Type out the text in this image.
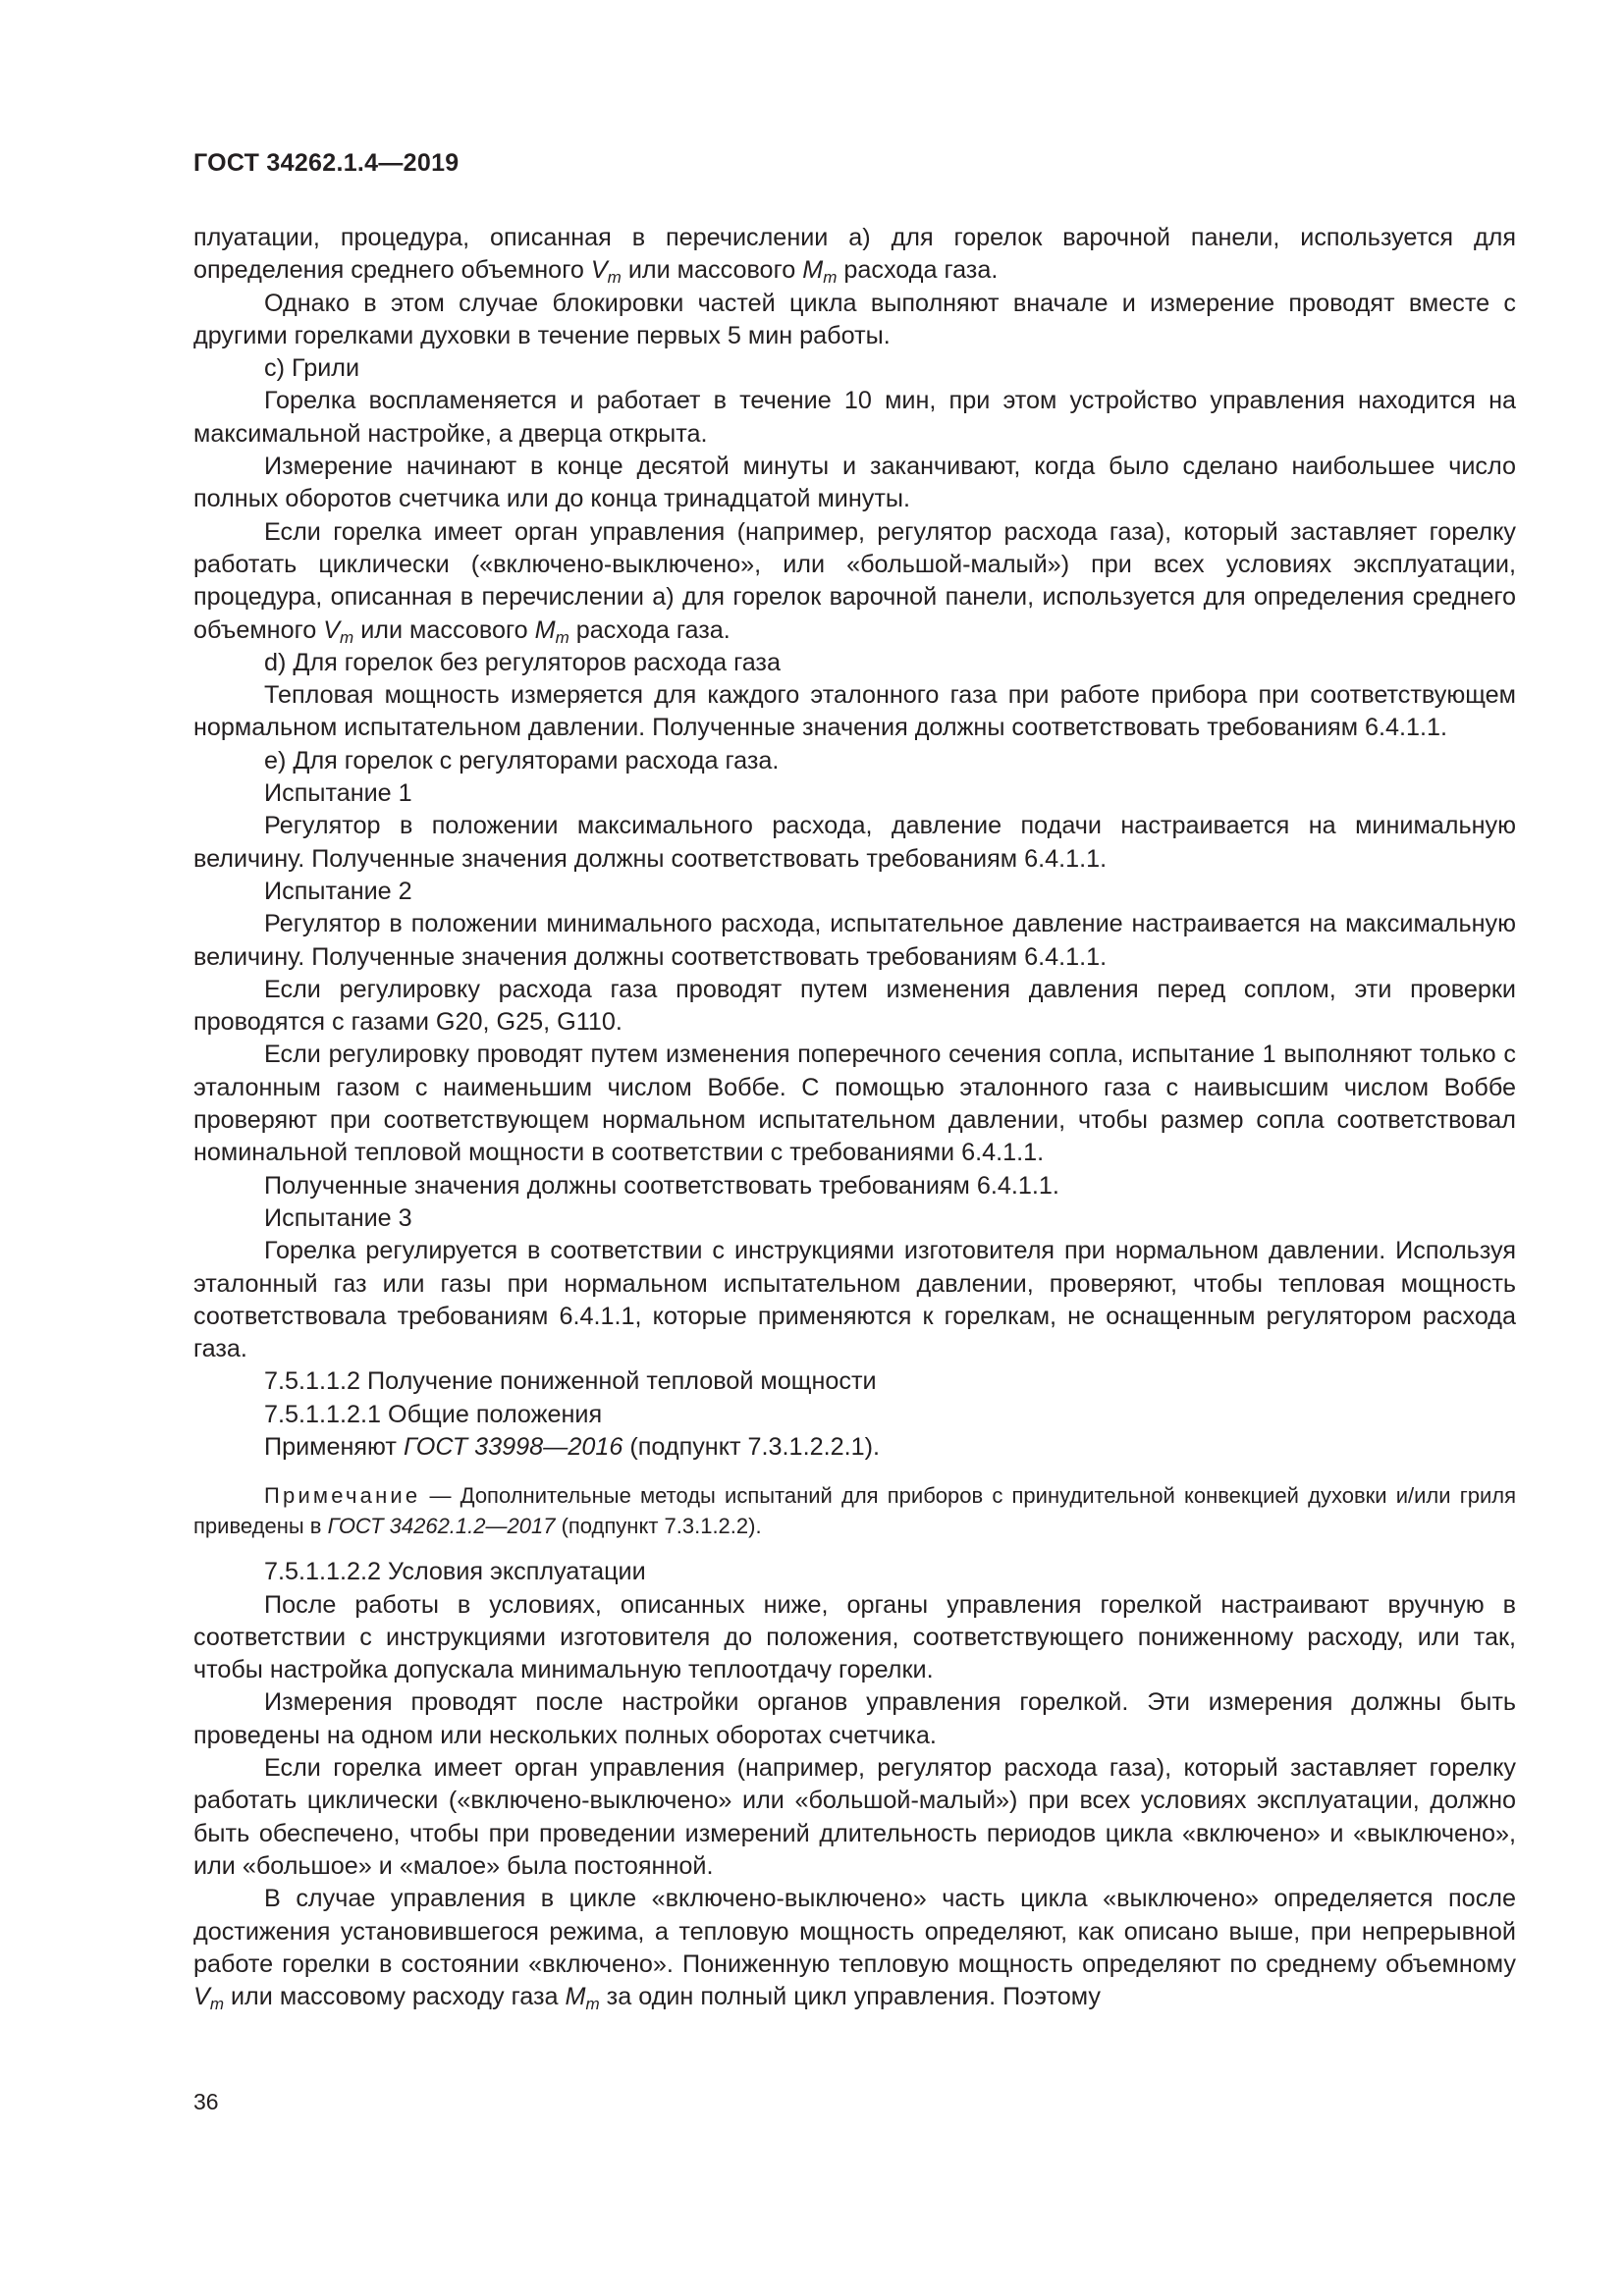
ГОСТ 34262.1.4—2019

плуатации, процедура, описанная в перечислении а) для горелок варочной панели, используется для определения среднего объемного $V_m$ или массового $M_m$ расхода газа.

Однако в этом случае блокировки частей цикла выполняют вначале и измерение проводят вместе с другими горелками духовки в течение первых 5 мин работы.

с) Грили

Горелка воспламеняется и работает в течение 10 мин, при этом устройство управления находится на максимальной настройке, а дверца открыта.

Измерение начинают в конце десятой минуты и заканчивают, когда было сделано наибольшее число полных оборотов счетчика или до конца тринадцатой минуты.

Если горелка имеет орган управления (например, регулятор расхода газа), который заставляет горелку работать циклически («включено-выключено», или «большой-малый») при всех условиях эксплуатации, процедура, описанная в перечислении а) для горелок варочной панели, используется для определения среднего объемного $V_m$ или массового $M_m$ расхода газа.

d) Для горелок без регуляторов расхода газа

Тепловая мощность измеряется для каждого эталонного газа при работе прибора при соответствующем нормальном испытательном давлении. Полученные значения должны соответствовать требованиям 6.4.1.1.

е) Для горелок с регуляторами расхода газа.

Испытание 1

Регулятор в положении максимального расхода, давление подачи настраивается на минимальную величину. Полученные значения должны соответствовать требованиям 6.4.1.1.

Испытание 2

Регулятор в положении минимального расхода, испытательное давление настраивается на максимальную величину. Полученные значения должны соответствовать требованиям 6.4.1.1.

Если регулировку расхода газа проводят путем изменения давления перед соплом, эти проверки проводятся с газами G20, G25, G110.

Если регулировку проводят путем изменения поперечного сечения сопла, испытание 1 выполняют только с эталонным газом с наименьшим числом Воббе. С помощью эталонного газа с наивысшим числом Воббе проверяют при соответствующем нормальном испытательном давлении, чтобы размер сопла соответствовал номинальной тепловой мощности в соответствии с требованиями 6.4.1.1.

Полученные значения должны соответствовать требованиям 6.4.1.1.

Испытание 3

Горелка регулируется в соответствии с инструкциями изготовителя при нормальном давлении. Используя эталонный газ или газы при нормальном испытательном давлении, проверяют, чтобы тепловая мощность соответствовала требованиям 6.4.1.1, которые применяются к горелкам, не оснащенным регулятором расхода газа.

7.5.1.1.2 Получение пониженной тепловой мощности

7.5.1.1.2.1 Общие положения

Применяют ГОСТ 33998—2016 (подпункт 7.3.1.2.2.1).

Примечание — Дополнительные методы испытаний для приборов с принудительной конвекцией духовки и/или гриля приведены в ГОСТ 34262.1.2—2017 (подпункт 7.3.1.2.2).

7.5.1.1.2.2 Условия эксплуатации

После работы в условиях, описанных ниже, органы управления горелкой настраивают вручную в соответствии с инструкциями изготовителя до положения, соответствующего пониженному расходу, или так, чтобы настройка допускала минимальную теплоотдачу горелки.

Измерения проводят после настройки органов управления горелкой. Эти измерения должны быть проведены на одном или нескольких полных оборотах счетчика.

Если горелка имеет орган управления (например, регулятор расхода газа), который заставляет горелку работать циклически («включено-выключено» или «большой-малый») при всех условиях эксплуатации, должно быть обеспечено, чтобы при проведении измерений длительность периодов цикла «включено» и «выключено», или «большое» и «малое» была постоянной.

В случае управления в цикле «включено-выключено» часть цикла «выключено» определяется после достижения установившегося режима, а тепловую мощность определяют, как описано выше, при непрерывной работе горелки в состоянии «включено». Пониженную тепловую мощность определяют по среднему объемному $V_m$ или массовому расходу газа $M_m$ за один полный цикл управления. Поэтому

36
